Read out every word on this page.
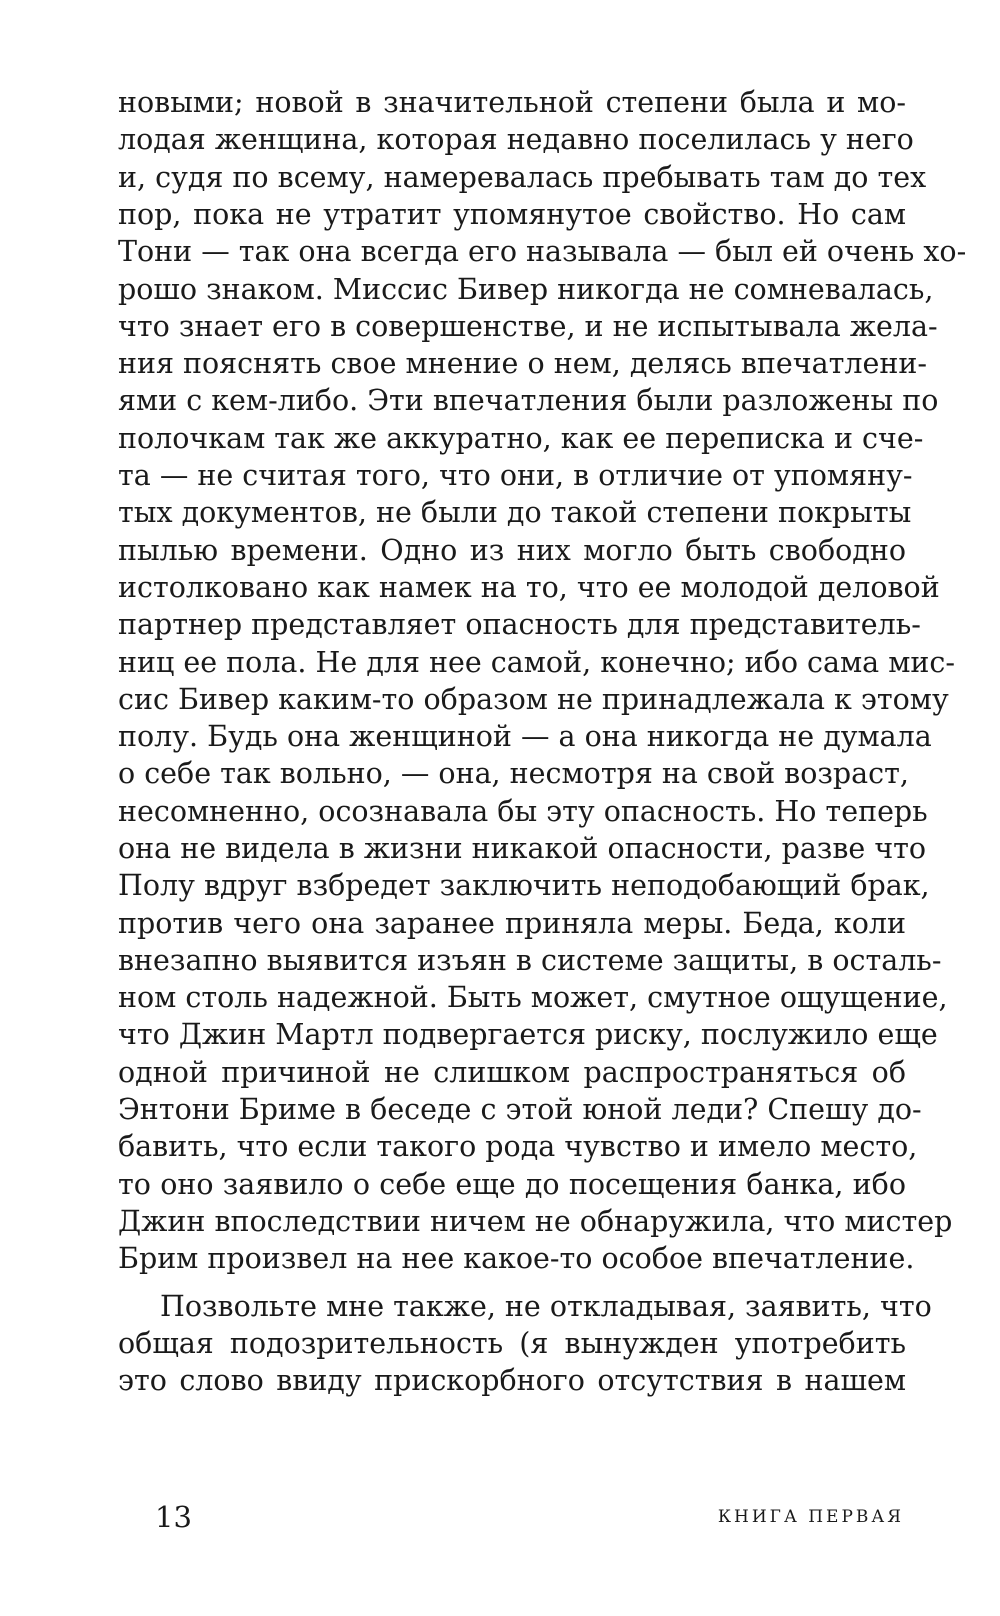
новыми; новой в значительной степени была и мо-
лодая женщина, которая недавно поселилась у него
и, судя по всему, намеревалась пребывать там до тех
пор, пока не утратит упомянутое свойство. Но сам
Тони — так она всегда его называла — был ей очень хо-
рошо знаком. Миссис Бивер никогда не сомневалась,
что знает его в совершенстве, и не испытывала жела-
ния пояснять свое мнение о нем, делясь впечатлени-
ями с кем-либо. Эти впечатления были разложены по
полочкам так же аккуратно, как ее переписка и сче-
та — не считая того, что они, в отличие от упомяну-
тых документов, не были до такой степени покрыты
пылью времени. Одно из них могло быть свободно
истолковано как намек на то, что ее молодой деловой
партнер представляет опасность для представитель-
ниц ее пола. Не для нее самой, конечно; ибо сама мис-
сис Бивер каким-то образом не принадлежала к этому
полу. Будь она женщиной — а она никогда не думала
о себе так вольно, — она, несмотря на свой возраст,
несомненно, осознавала бы эту опасность. Но теперь
она не видела в жизни никакой опасности, разве что
Полу вдруг взбредет заключить неподобающий брак,
против чего она заранее приняла меры. Беда, коли
внезапно выявится изъян в системе защиты, в осталь-
ном столь надежной. Быть может, смутное ощущение,
что Джин Мартл подвергается риску, послужило еще
одной причиной не слишком распространяться об
Энтони Бриме в беседе с этой юной леди? Спешу до-
бавить, что если такого рода чувство и имело место,
то оно заявило о себе еще до посещения банка, ибо
Джин впоследствии ничем не обнаружила, что мистер
Брим произвел на нее какое-то особое впечатление.
Позвольте мне также, не откладывая, заявить, что
общая подозрительность (я вынужден употребить
это слово ввиду прискорбного отсутствия в нашем
13	КНИГА ПЕРВАЯ
